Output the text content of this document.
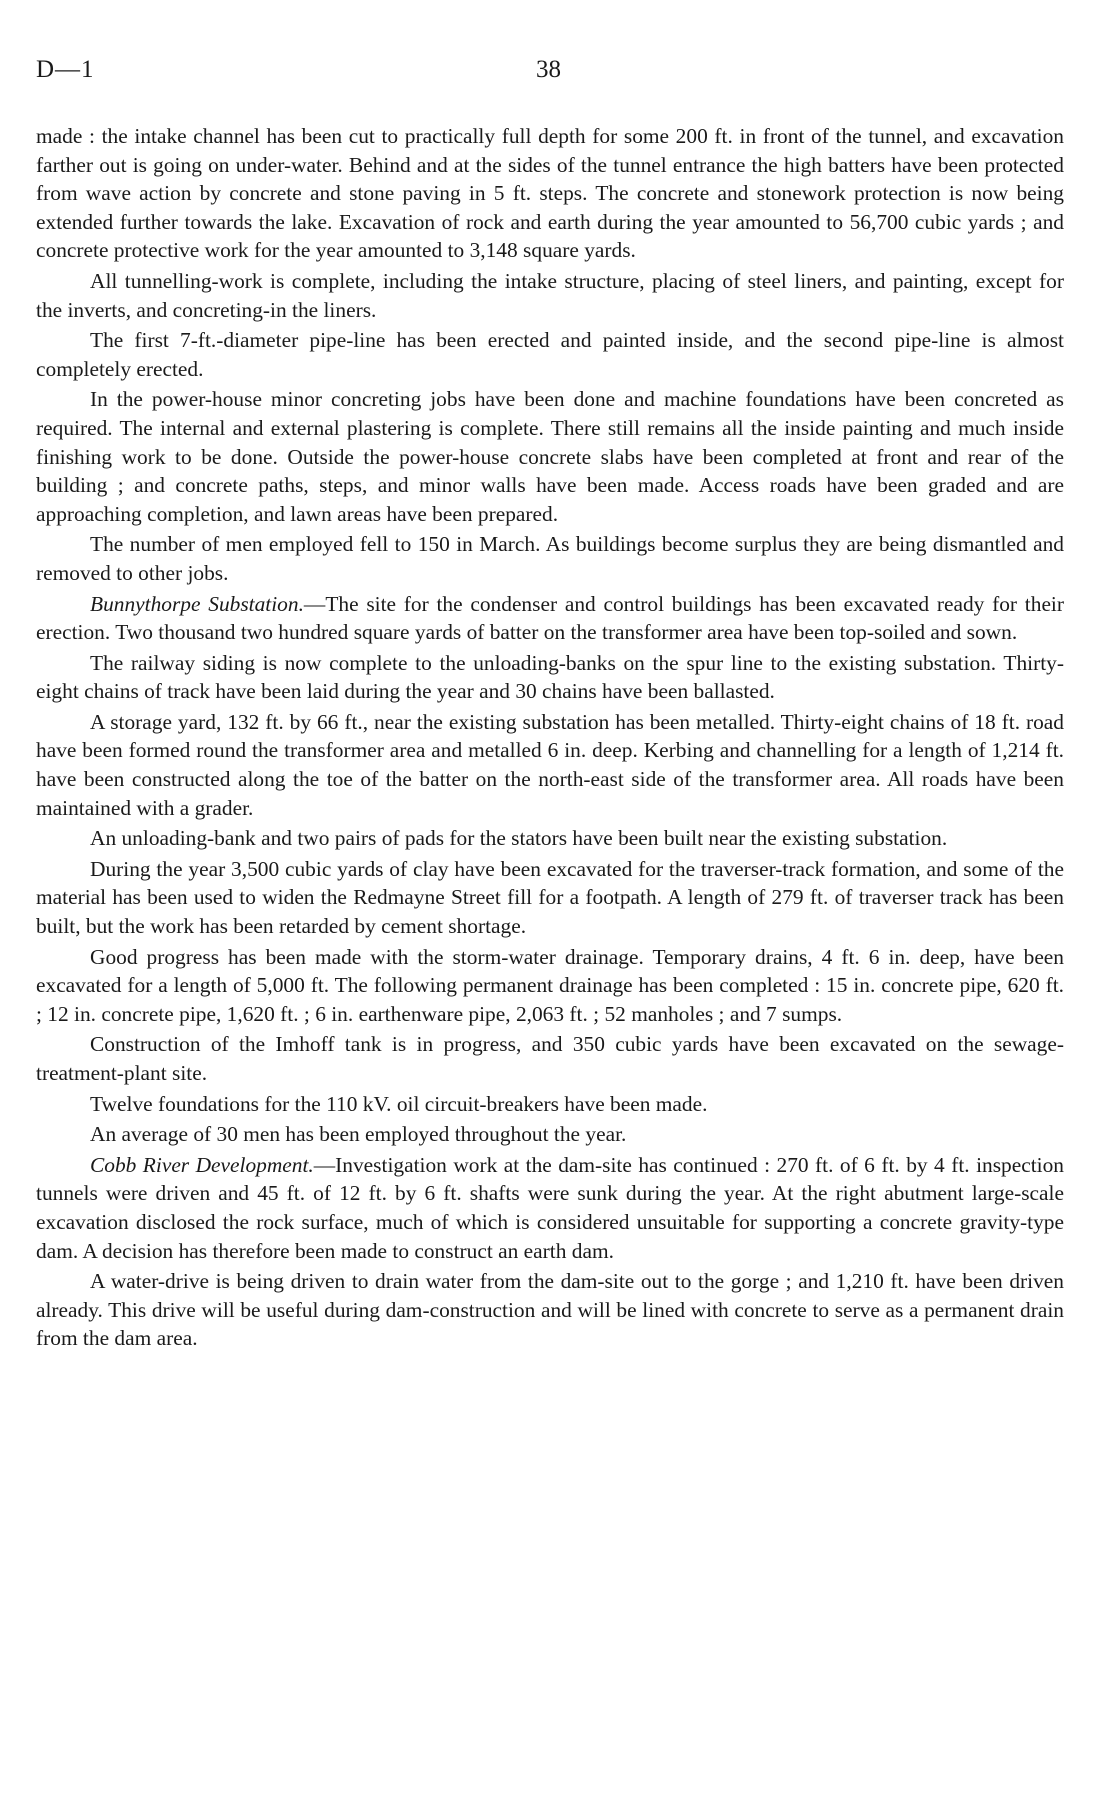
D—1	38

made : the intake channel has been cut to practically full depth for some 200 ft. in front of the tunnel, and excavation farther out is going on under-water. Behind and at the sides of the tunnel entrance the high batters have been protected from wave action by concrete and stone paving in 5 ft. steps. The concrete and stonework protection is now being extended further towards the lake. Excavation of rock and earth during the year amounted to 56,700 cubic yards ; and concrete protective work for the year amounted to 3,148 square yards.

All tunnelling-work is complete, including the intake structure, placing of steel liners, and painting, except for the inverts, and concreting-in the liners.

The first 7-ft.-diameter pipe-line has been erected and painted inside, and the second pipe-line is almost completely erected.

In the power-house minor concreting jobs have been done and machine foundations have been concreted as required. The internal and external plastering is complete. There still remains all the inside painting and much inside finishing work to be done. Outside the power-house concrete slabs have been completed at front and rear of the building ; and concrete paths, steps, and minor walls have been made. Access roads have been graded and are approaching completion, and lawn areas have been prepared.

The number of men employed fell to 150 in March. As buildings become surplus they are being dismantled and removed to other jobs.

Bunnythorpe Substation.—The site for the condenser and control buildings has been excavated ready for their erection. Two thousand two hundred square yards of batter on the transformer area have been top-soiled and sown.

The railway siding is now complete to the unloading-banks on the spur line to the existing substation. Thirty-eight chains of track have been laid during the year and 30 chains have been ballasted.

A storage yard, 132 ft. by 66 ft., near the existing substation has been metalled. Thirty-eight chains of 18 ft. road have been formed round the transformer area and metalled 6 in. deep. Kerbing and channelling for a length of 1,214 ft. have been constructed along the toe of the batter on the north-east side of the transformer area. All roads have been maintained with a grader.

An unloading-bank and two pairs of pads for the stators have been built near the existing substation.

During the year 3,500 cubic yards of clay have been excavated for the traverser-track formation, and some of the material has been used to widen the Redmayne Street fill for a footpath. A length of 279 ft. of traverser track has been built, but the work has been retarded by cement shortage.

Good progress has been made with the storm-water drainage. Temporary drains, 4 ft. 6 in. deep, have been excavated for a length of 5,000 ft. The following permanent drainage has been completed : 15 in. concrete pipe, 620 ft. ; 12 in. concrete pipe, 1,620 ft. ; 6 in. earthenware pipe, 2,063 ft. ; 52 manholes ; and 7 sumps.

Construction of the Imhoff tank is in progress, and 350 cubic yards have been excavated on the sewage-treatment-plant site.

Twelve foundations for the 110 kV. oil circuit-breakers have been made.

An average of 30 men has been employed throughout the year.

Cobb River Development.—Investigation work at the dam-site has continued : 270 ft. of 6 ft. by 4 ft. inspection tunnels were driven and 45 ft. of 12 ft. by 6 ft. shafts were sunk during the year. At the right abutment large-scale excavation disclosed the rock surface, much of which is considered unsuitable for supporting a concrete gravity-type dam. A decision has therefore been made to construct an earth dam.

A water-drive is being driven to drain water from the dam-site out to the gorge ; and 1,210 ft. have been driven already. This drive will be useful during dam-construction and will be lined with concrete to serve as a permanent drain from the dam area.
